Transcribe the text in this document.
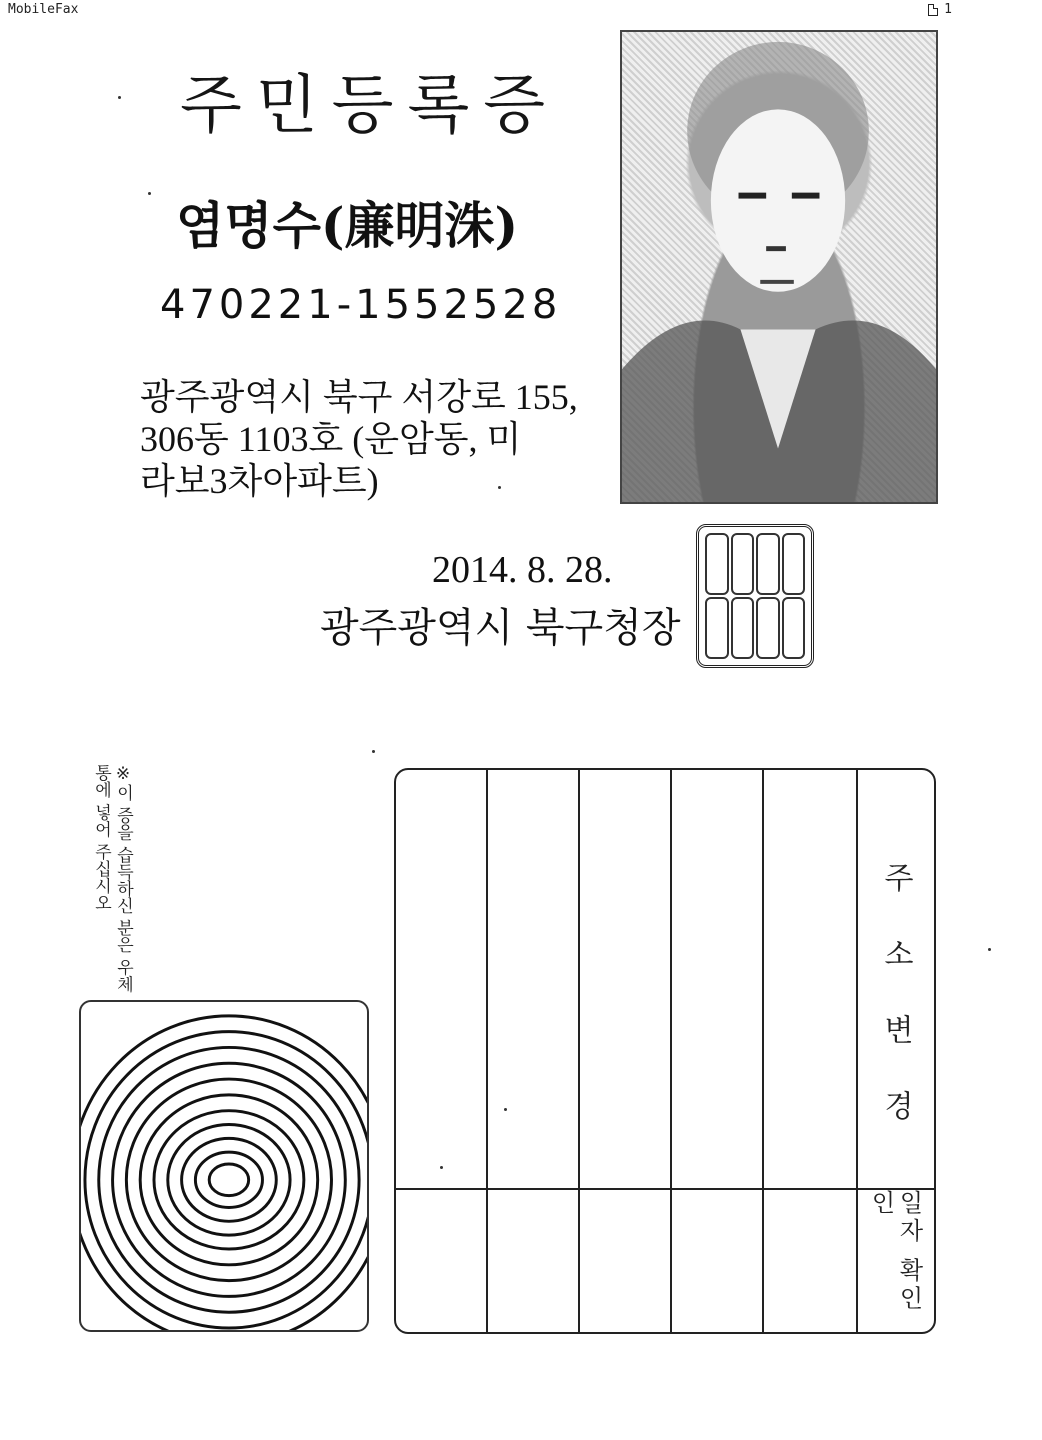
MobileFax	1
주민등록증
염명수(廉明洙)
470221-1552528
광주광역시 북구 서강로 155,
306동 1103호 (운암동, 미
라보3차아파트)
2014. 8. 28.
광주광역시 북구청장
※이 증을 습득하신 분은 우체통에 넣어 주십시오
주소변경
일자 확인인
